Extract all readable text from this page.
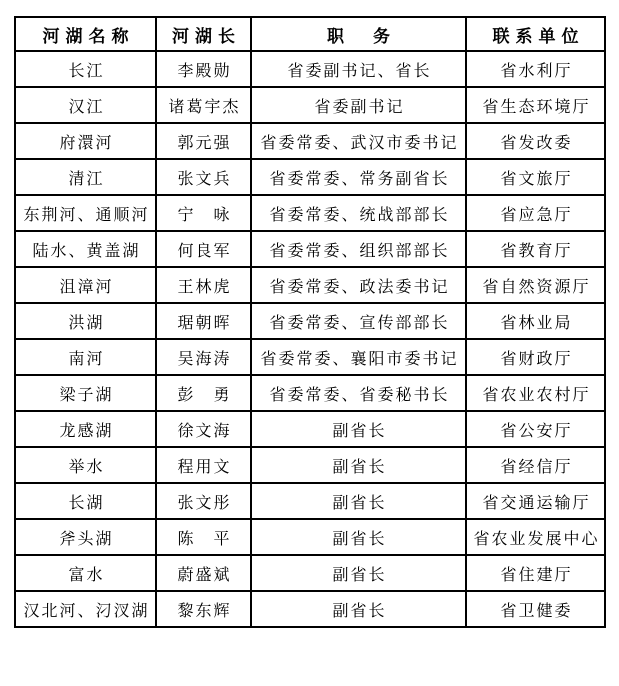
河湖名称	河湖长	职　务	联系单位
长江	李殿勋	省委副书记、省长	省水利厅
汉江	诸葛宇杰	省委副书记	省生态环境厅
府澴河	郭元强	省委常委、武汉市委书记	省发改委
清江	张文兵	省委常委、常务副省长	省文旅厅
东荆河、通顺河	宁　咏	省委常委、统战部部长	省应急厅
陆水、黄盖湖	何良军	省委常委、组织部部长	省教育厅
沮漳河	王林虎	省委常委、政法委书记	省自然资源厅
洪湖	琚朝晖	省委常委、宣传部部长	省林业局
南河	吴海涛	省委常委、襄阳市委书记	省财政厅
梁子湖	彭　勇	省委常委、省委秘书长	省农业农村厅
龙感湖	徐文海	副省长	省公安厅
举水	程用文	副省长	省经信厅
长湖	张文彤	副省长	省交通运输厅
斧头湖	陈　平	副省长	省农业发展中心
富水	蔚盛斌	副省长	省住建厅
汉北河、汈汊湖	黎东辉	副省长	省卫健委
